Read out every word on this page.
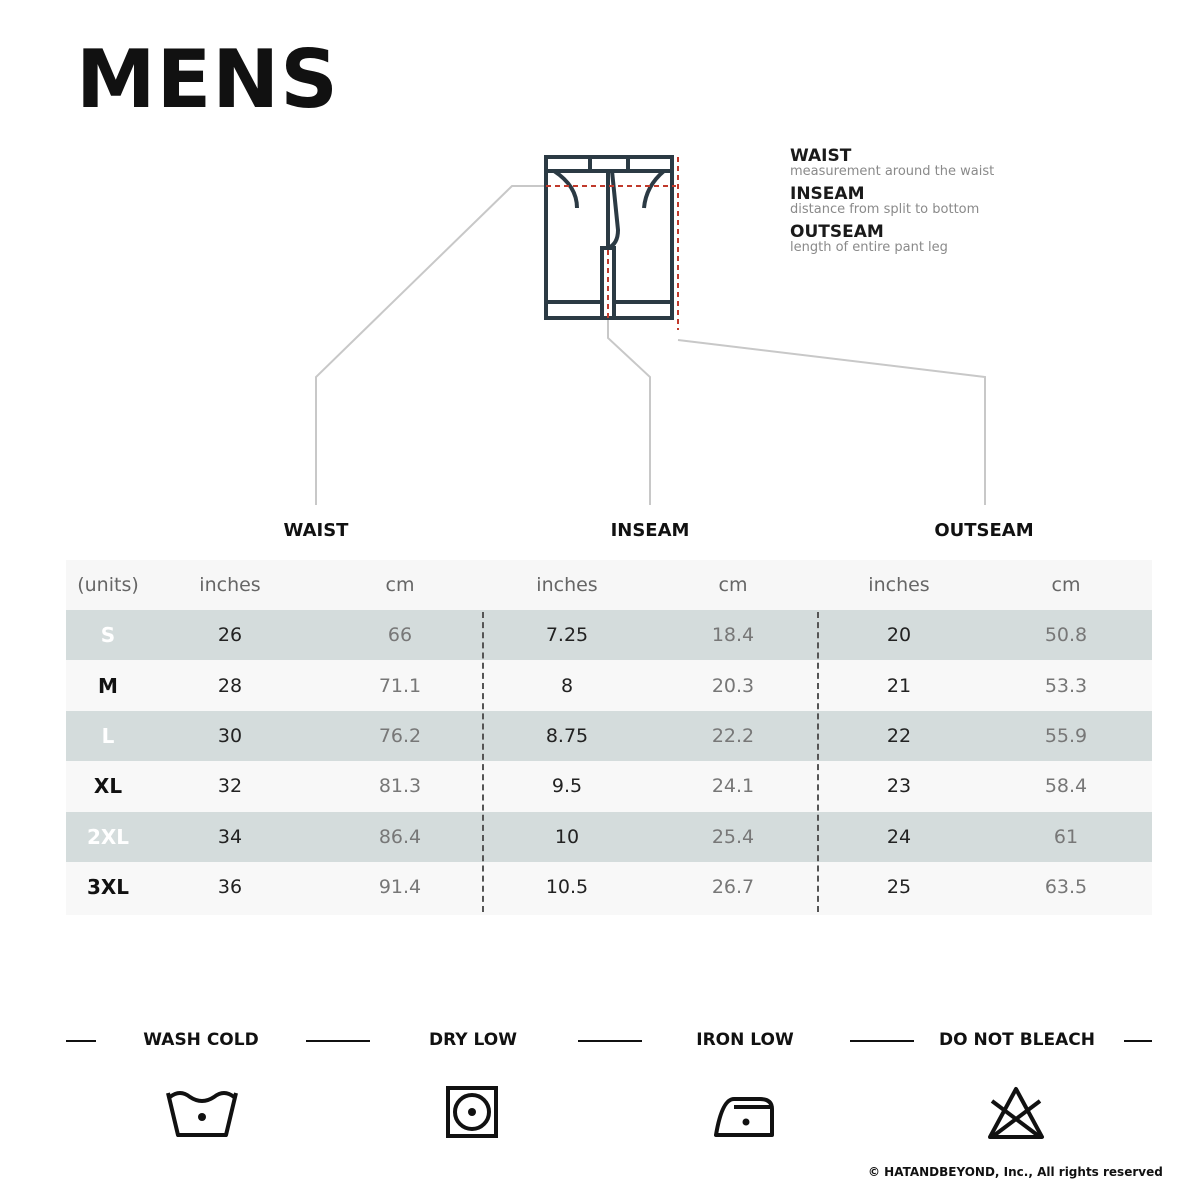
MENS
WAIST
measurement around the waist
INSEAM
distance from split to bottom
OUTSEAM
length of entire pant leg
WAIST	INSEAM	OUTSEAM
(units)	inches	cm	inches	cm	inches	cm
S	26	66	7.25	18.4	20	50.8
M	28	71.1	8	20.3	21	53.3
L	30	76.2	8.75	22.2	22	55.9
XL	32	81.3	9.5	24.1	23	58.4
2XL	34	86.4	10	25.4	24	61
3XL	36	91.4	10.5	26.7	25	63.5
WASH COLD	DRY LOW	IRON LOW	DO NOT BLEACH
© HATANDBEYOND, Inc., All rights reserved
